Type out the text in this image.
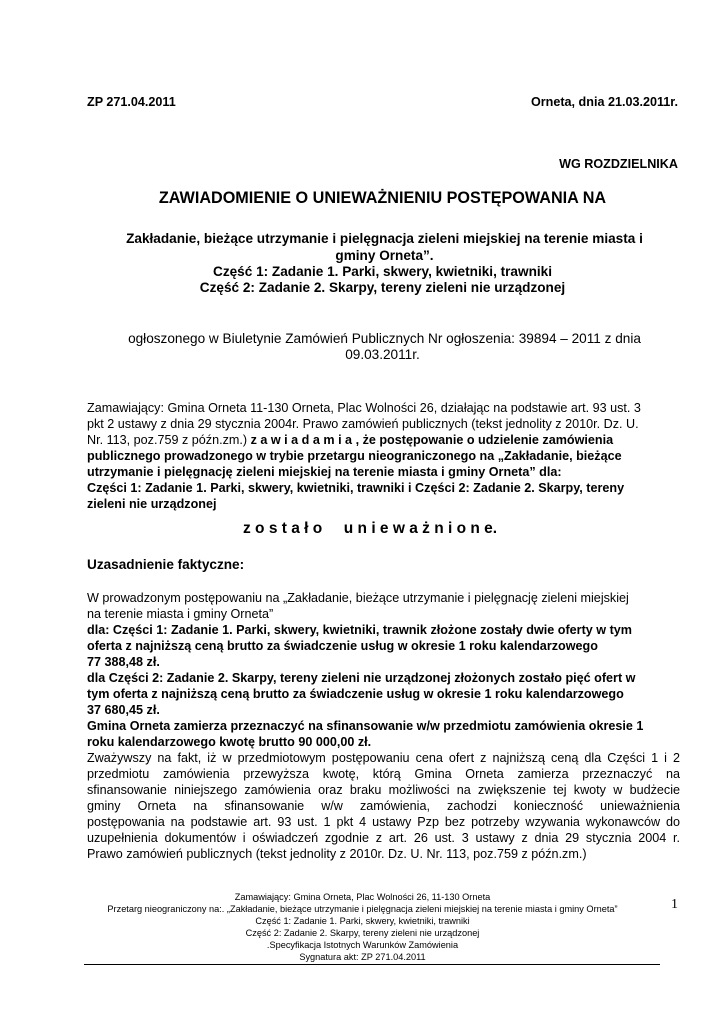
ZP 271.04.2011	Orneta, dnia 21.03.2011r.
WG ROZDZIELNIKA
ZAWIADOMIENIE O UNIEWAŻNIENIU POSTĘPOWANIA NA
Zakładanie, bieżące utrzymanie i pielęgnacja zieleni miejskiej na terenie miasta i
gminy Orneta”.
Część 1: Zadanie 1. Parki, skwery, kwietniki, trawniki
Część 2: Zadanie 2. Skarpy, tereny zieleni nie urządzonej
ogłoszonego w Biuletynie Zamówień Publicznych Nr ogłoszenia: 39894 – 2011 z dnia
09.03.2011r.
Zamawiający: Gmina Orneta 11-130 Orneta, Plac Wolności 26, działając na podstawie art. 93 ust. 3
pkt 2 ustawy z dnia 29 stycznia 2004r. Prawo zamówień publicznych (tekst jednolity z 2010r. Dz. U.
Nr. 113, poz.759 z późn.zm.) z a w i a d a m i a , że postępowanie o udzielenie zamówienia
publicznego prowadzonego w trybie przetargu nieograniczonego na „Zakładanie, bieżące
utrzymanie i pielęgnację zieleni miejskiej na terenie miasta i gminy Orneta” dla:
Części 1: Zadanie 1. Parki, skwery, kwietniki, trawniki i Części 2: Zadanie 2. Skarpy, tereny
zieleni nie urządzonej
z o s t a ł o     u n i e w a ż n i o n e.
Uzasadnienie faktyczne:
W prowadzonym postępowaniu na „Zakładanie, bieżące utrzymanie i pielęgnację zieleni miejskiej
na terenie miasta i gminy Orneta”
dla: Części 1: Zadanie 1. Parki, skwery, kwietniki, trawnik złożone zostały dwie oferty w tym
oferta z najniższą ceną brutto za świadczenie usług w okresie 1 roku kalendarzowego
77 388,48 zł.
dla Części 2: Zadanie 2. Skarpy, tereny zieleni nie urządzonej złożonych zostało pięć ofert w
tym oferta z najniższą ceną brutto za świadczenie usług w okresie 1 roku kalendarzowego
37 680,45 zł.
Gmina Orneta zamierza przeznaczyć na sfinansowanie w/w przedmiotu zamówienia okresie 1
roku kalendarzowego kwotę brutto 90 000,00 zł.
Zważywszy na fakt, iż w przedmiotowym postępowaniu cena ofert z najniższą ceną dla Części 1 i 2
przedmiotu zamówienia przewyższa kwotę, którą Gmina Orneta zamierza przeznaczyć na
sfinansowanie niniejszego zamówienia oraz braku możliwości na zwiększenie tej kwoty w budżecie
gminy Orneta na sfinansowanie w/w zamówienia, zachodzi konieczność unieważnienia
postępowania na podstawie art. 93 ust. 1 pkt 4 ustawy Pzp bez potrzeby wzywania wykonawców do
uzupełnienia dokumentów i oświadczeń zgodnie z art. 26 ust. 3 ustawy z dnia 29 stycznia 2004 r.
Prawo zamówień publicznych (tekst jednolity z 2010r. Dz. U. Nr. 113, poz.759 z późn.zm.)
Zamawiający: Gmina Orneta, Plac Wolności 26, 11-130 Orneta
Przetarg nieograniczony na:. „Zakładanie, bieżące utrzymanie i pielęgnacja zieleni miejskiej na terenie miasta i gminy Orneta”
Część 1: Zadanie 1. Parki, skwery, kwietniki, trawniki
Część 2: Zadanie 2. Skarpy, tereny zieleni nie urządzonej
.Specyfikacja Istotnych Warunków Zamówienia
Sygnatura akt: ZP 271.04.2011
1
